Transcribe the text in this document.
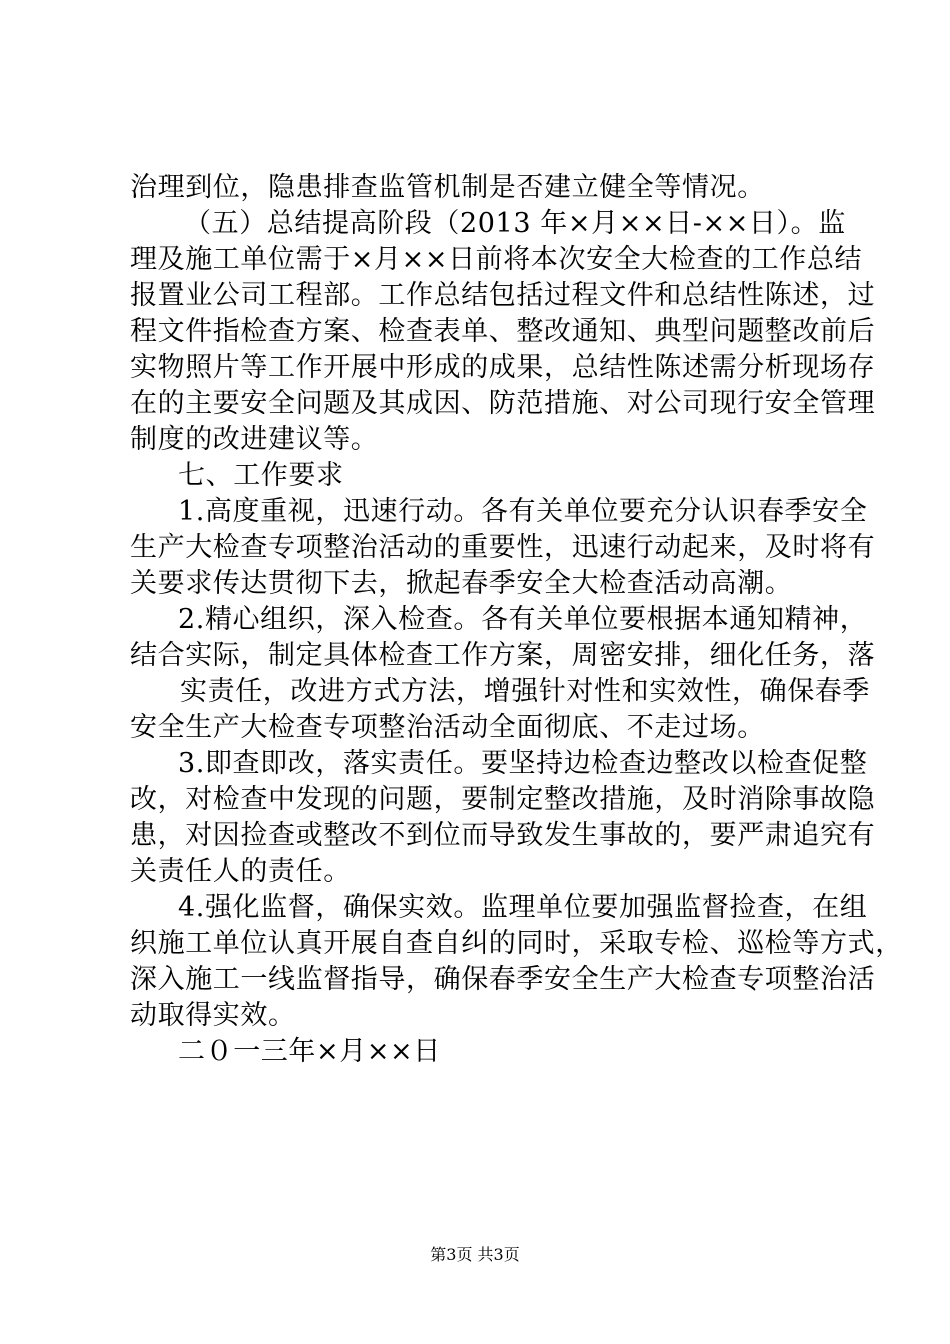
治理到位，隐患排查监管机制是否建立健全等情况。
（五）总结提高阶段（2013 年×月××日-××日）。监
理及施工单位需于×月××日前将本次安全大检查的工作总结
报置业公司工程部。工作总结包括过程文件和总结性陈述，过
程文件指检查方案、检查表单、整改通知、典型问题整改前后
实物照片等工作开展中形成的成果，总结性陈述需分析现场存
在的主要安全问题及其成因、防范措施、对公司现行安全管理
制度的改进建议等。
七、工作要求
1.高度重视，迅速行动。各有关单位要充分认识春季安全
生产大检查专项整治活动的重要性，迅速行动起来，及时将有
关要求传达贯彻下去，掀起春季安全大检查活动高潮。
2.精心组织，深入检查。各有关单位要根据本通知精神，
结合实际，制定具体检查工作方案，周密安排，细化任务，落
实责任，改进方式方法，增强针对性和实效性，确保春季
安全生产大检查专项整治活动全面彻底、不走过场。
3.即查即改，落实责任。要坚持边检查边整改以检查促整
改，对检查中发现的问题，要制定整改措施，及时消除事故隐
患，对因捡查或整改不到位而导致发生事故的，要严肃追究有
关责任人的责任。
4.强化监督，确保实效。监理单位要加强监督捡查，在组
织施工单位认真开展自查自纠的同时，采取专检、巡检等方式，
深入施工一线监督指导，确保春季安全生产大检查专项整治活
动取得实效。
二０一三年×月××日
第3页 共3页
